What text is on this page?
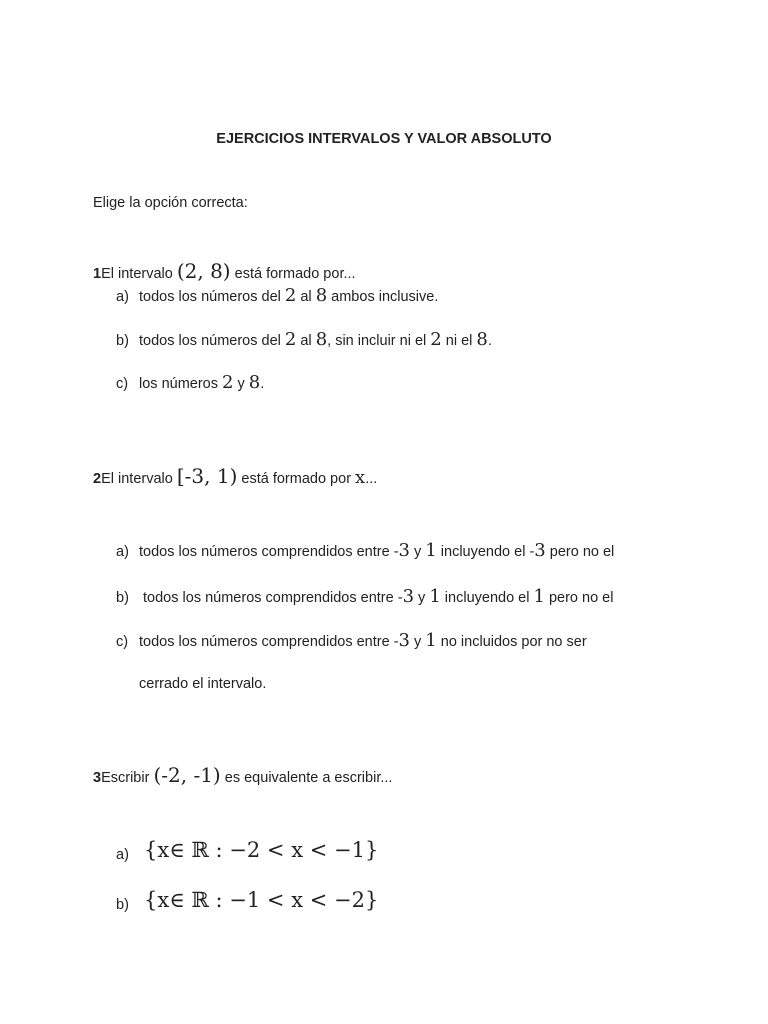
EJERCICIOS INTERVALOS Y VALOR ABSOLUTO
Elige la opción correcta:
1El intervalo (2, 8) está formado por...
a) todos los números del 2 al 8 ambos inclusive.
b) todos los números del 2 al 8, sin incluir ni el 2 ni el 8.
c) los números 2 y 8.
2El intervalo [-3, 1) está formado por x...
a) todos los números comprendidos entre -3 y 1 incluyendo el -3 pero no el
b) todos los números comprendidos entre -3 y 1 incluyendo el 1 pero no el
c) todos los números comprendidos entre -3 y 1 no incluidos por no ser
cerrado el intervalo.
3Escribir (-2, -1) es equivalente a escribir...
a) {x∈ ℝ : −2 < x < −1}
b) {x∈ ℝ : −1 < x < −2}
